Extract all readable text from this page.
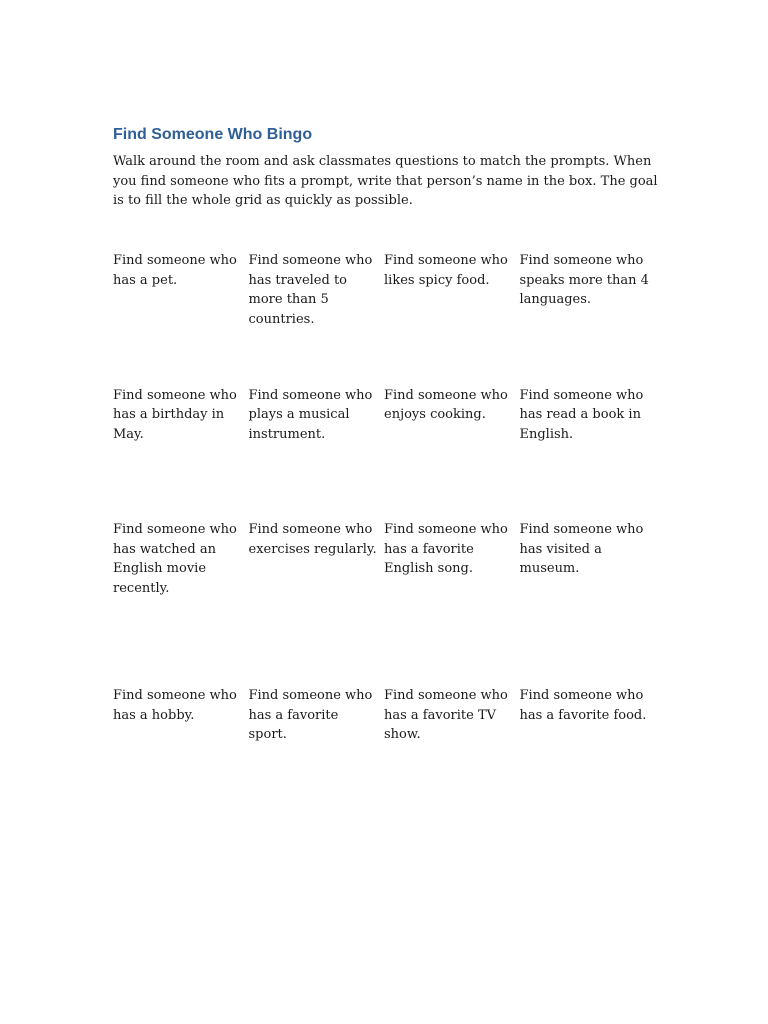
Find Someone Who Bingo

Walk around the room and ask classmates questions to match the prompts. When you find someone who fits a prompt, write that person’s name in the box. The goal is to fill the whole grid as quickly as possible.

Find someone who has a pet.
Find someone who has traveled to more than 5 countries.
Find someone who likes spicy food.
Find someone who speaks more than 4 languages.
Find someone who has a birthday in May.
Find someone who plays a musical instrument.
Find someone who enjoys cooking.
Find someone who has read a book in English.
Find someone who has watched an English movie recently.
Find someone who exercises regularly.
Find someone who has a favorite English song.
Find someone who has visited a museum.
Find someone who has a hobby.
Find someone who has a favorite sport.
Find someone who has a favorite TV show.
Find someone who has a favorite food.
